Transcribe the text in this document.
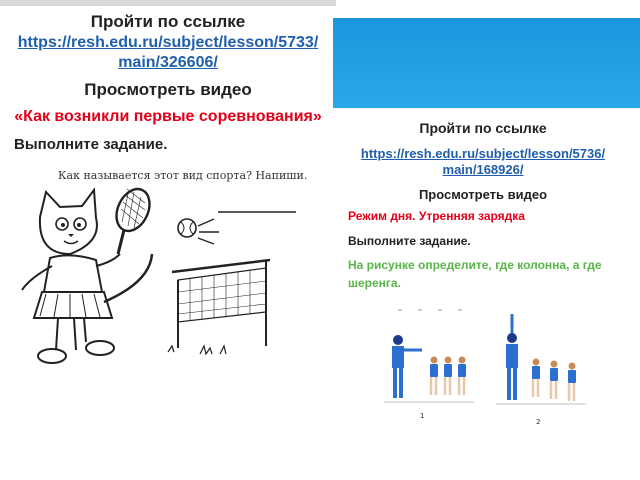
Пройти по ссылке
https://resh.edu.ru/subject/lesson/5733/
main/326606/
Просмотреть видео
«Как возникли первые соревнования»
Выполните задание.
Как называется этот вид спорта? Напиши.
Пройти по ссылке
https://resh.edu.ru/subject/lesson/5736/
main/168926/
Просмотреть видео
Режим дня. Утренняя зарядка
Выполните задание.
На рисунке определите, где колонна, а где шеренга.
1
2
